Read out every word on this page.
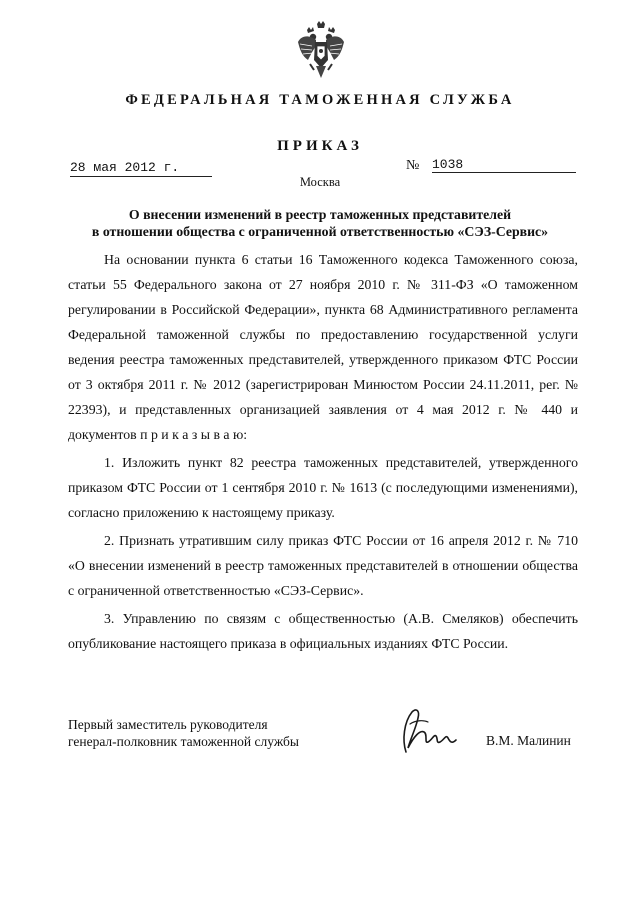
ФЕДЕРАЛЬНАЯ ТАМОЖЕННАЯ СЛУЖБА
ПРИКАЗ
28 мая 2012 г.	№ 1038
Москва
О внесении изменений в реестр таможенных представителей
в отношении общества с ограниченной ответственностью «СЭЗ-Сервис»

На основании пункта 6 статьи 16 Таможенного кодекса Таможенного союза, статьи 55 Федерального закона от 27 ноября 2010 г. № 311-ФЗ «О таможенном регулировании в Российской Федерации», пункта 68 Административного регламента Федеральной таможенной службы по предоставлению государственной услуги ведения реестра таможенных представителей, утвержденного приказом ФТС России от 3 октября 2011 г. № 2012 (зарегистрирован Минюстом России 24.11.2011, рег. № 22393), и представленных организацией заявления от 4 мая 2012 г. № 440 и документов п р и к а з ы в а ю:

1. Изложить пункт 82 реестра таможенных представителей, утвержденного приказом ФТС России от 1 сентября 2010 г. № 1613 (с последующими изменениями), согласно приложению к настоящему приказу.

2. Признать утратившим силу приказ ФТС России от 16 апреля 2012 г. № 710 «О внесении изменений в реестр таможенных представителей в отношении общества с ограниченной ответственностью «СЭЗ-Сервис».

3. Управлению по связям с общественностью (А.В. Смеляков) обеспечить опубликование настоящего приказа в официальных изданиях ФТС России.

Первый заместитель руководителя
генерал-полковник таможенной службы	В.М. Малинин
